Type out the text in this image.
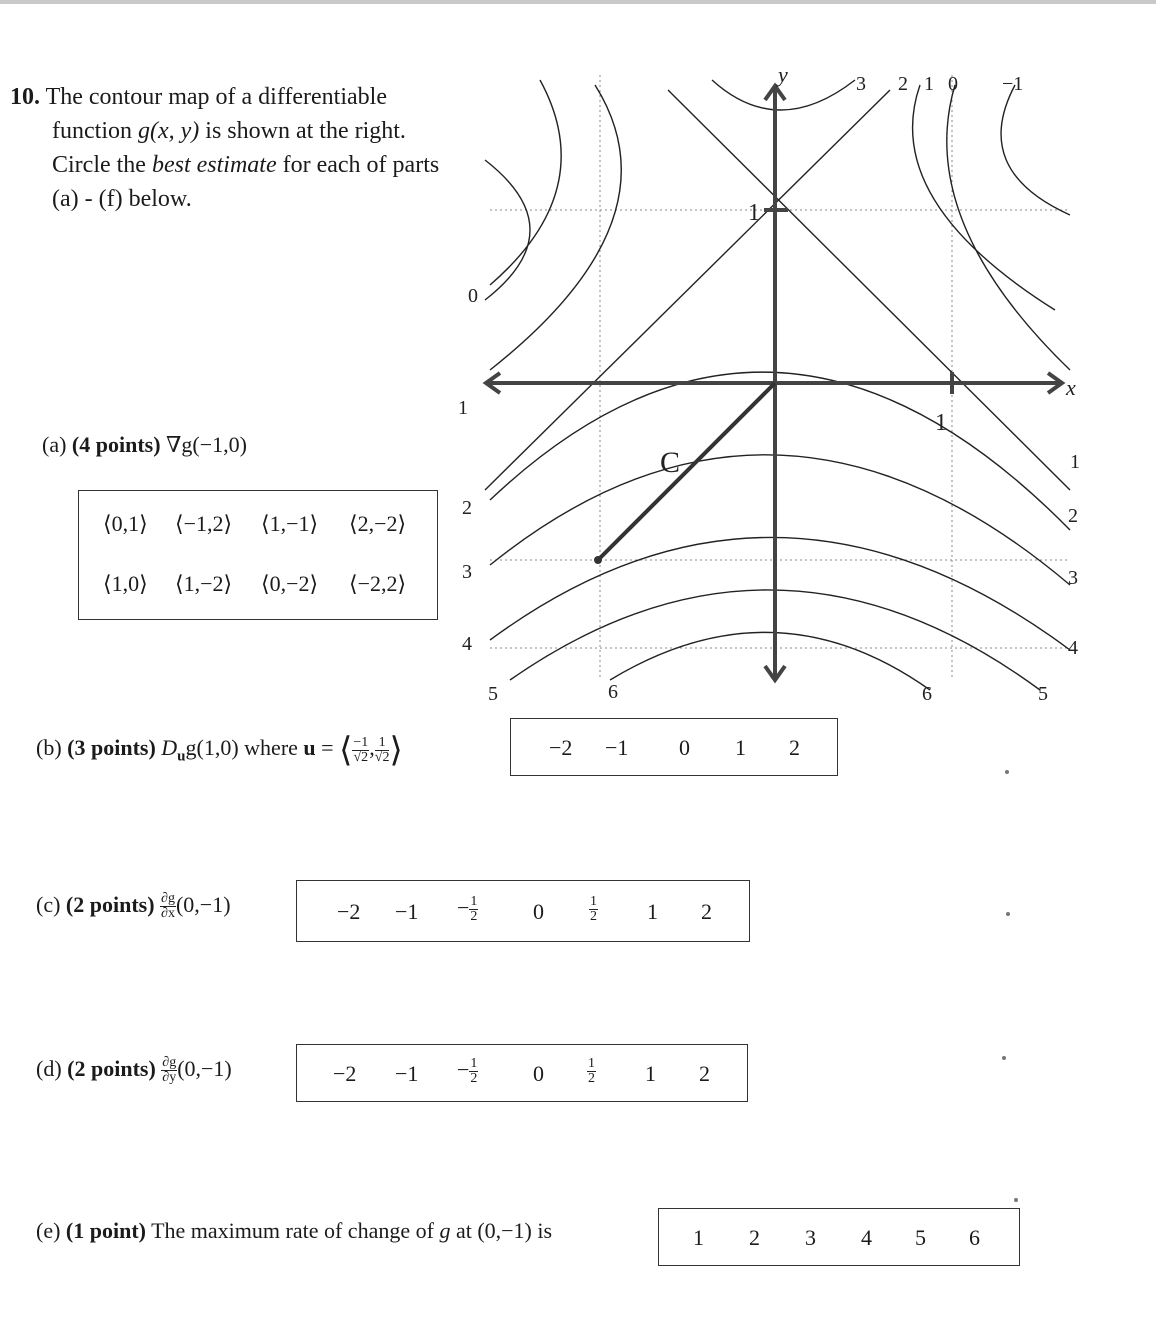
10. The contour map of a differentiable
function g(x, y) is shown at the right.
Circle the best estimate for each of parts
(a) - (f) below.
x
y
1
1
C
3 2 1 0 −1
0
1
2
3
4
5
1
2
3
4
5
6	6
(a) (4 points) ∇g(−1,0)
⟨0,1⟩ ⟨−1,2⟩ ⟨1,−1⟩ ⟨2,−2⟩
⟨1,0⟩ ⟨1,−2⟩ ⟨0,−2⟩ ⟨−2,2⟩
(b) (3 points) $D_ug(1,0)$ where u = ⟨ $\frac{-1}{√2}$ , $\frac{1}{√2}$ ⟩	−2 −1 0 1 2
(c) (2 points) $\frac{\partial g}{\partial x} (0,-1)$	$-2 -1 - \frac{1}{2} 0$	$\frac{1}{2} 1$ 2
(d) (2 points) $\frac{\partial g}{\partial y} (0,-1)$	$-2 -1 - \frac{1}{2} 0$	$\frac{1}{2} 1$ 2
(e) (1 point) The maximum rate of change of g at (0,−1) is	1 2 3 4 5 6
